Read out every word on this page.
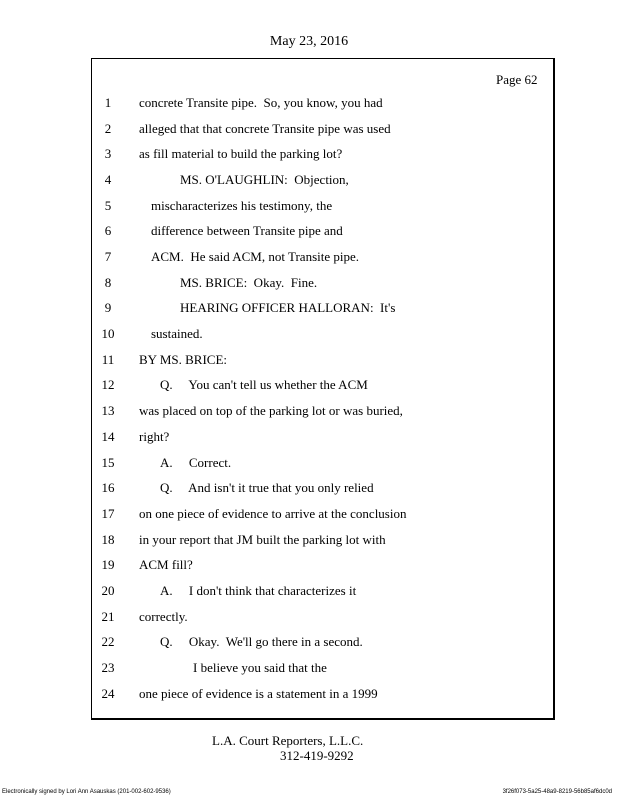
May 23, 2016
Page 62
1	concrete Transite pipe.  So, you know, you had
2	alleged that that concrete Transite pipe was used
3	as fill material to build the parking lot?
4	MS. O'LAUGHLIN:  Objection,
5	mischaracterizes his testimony, the
6	difference between Transite pipe and
7	ACM.  He said ACM, not Transite pipe.
8	MS. BRICE:  Okay.  Fine.
9	HEARING OFFICER HALLORAN:  It's
10	sustained.
11 BY MS. BRICE:
12	Q.     You can't tell us whether the ACM
13 was placed on top of the parking lot or was buried,
14 right?
15	A.     Correct.
16	Q.     And isn't it true that you only relied
17 on one piece of evidence to arrive at the conclusion
18 in your report that JM built the parking lot with
19 ACM fill?
20	A.     I don't think that characterizes it
21 correctly.
22	Q.     Okay.  We'll go there in a second.
23	I believe you said that the
24 one piece of evidence is a statement in a 1999
L.A. Court Reporters, L.L.C.
312-419-9292
Electronically signed by Lori Ann Asauskas (201-002-602-9536)	3f26f073-5a25-48a9-8219-56b85af6dc0d
